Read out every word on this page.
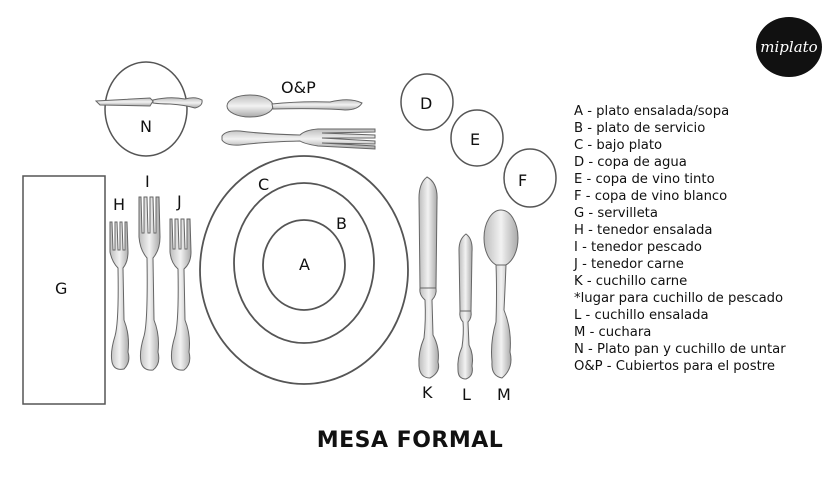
G
N
O&P
C
B
A
H
I
J
K L M
D
E
F
A - plato ensalada/sopa
B - plato de servicio
C - bajo plato
D - copa de agua
E - copa de vino tinto
F - copa de vino blanco
G - servilleta
H - tenedor ensalada
I - tenedor pescado
J - tenedor carne
K - cuchillo carne
*lugar para cuchillo de pescado
L - cuchillo ensalada
M - cuchara
N - Plato pan y cuchillo de untar
O&P - Cubiertos para el postre
miplato
MESA FORMAL
